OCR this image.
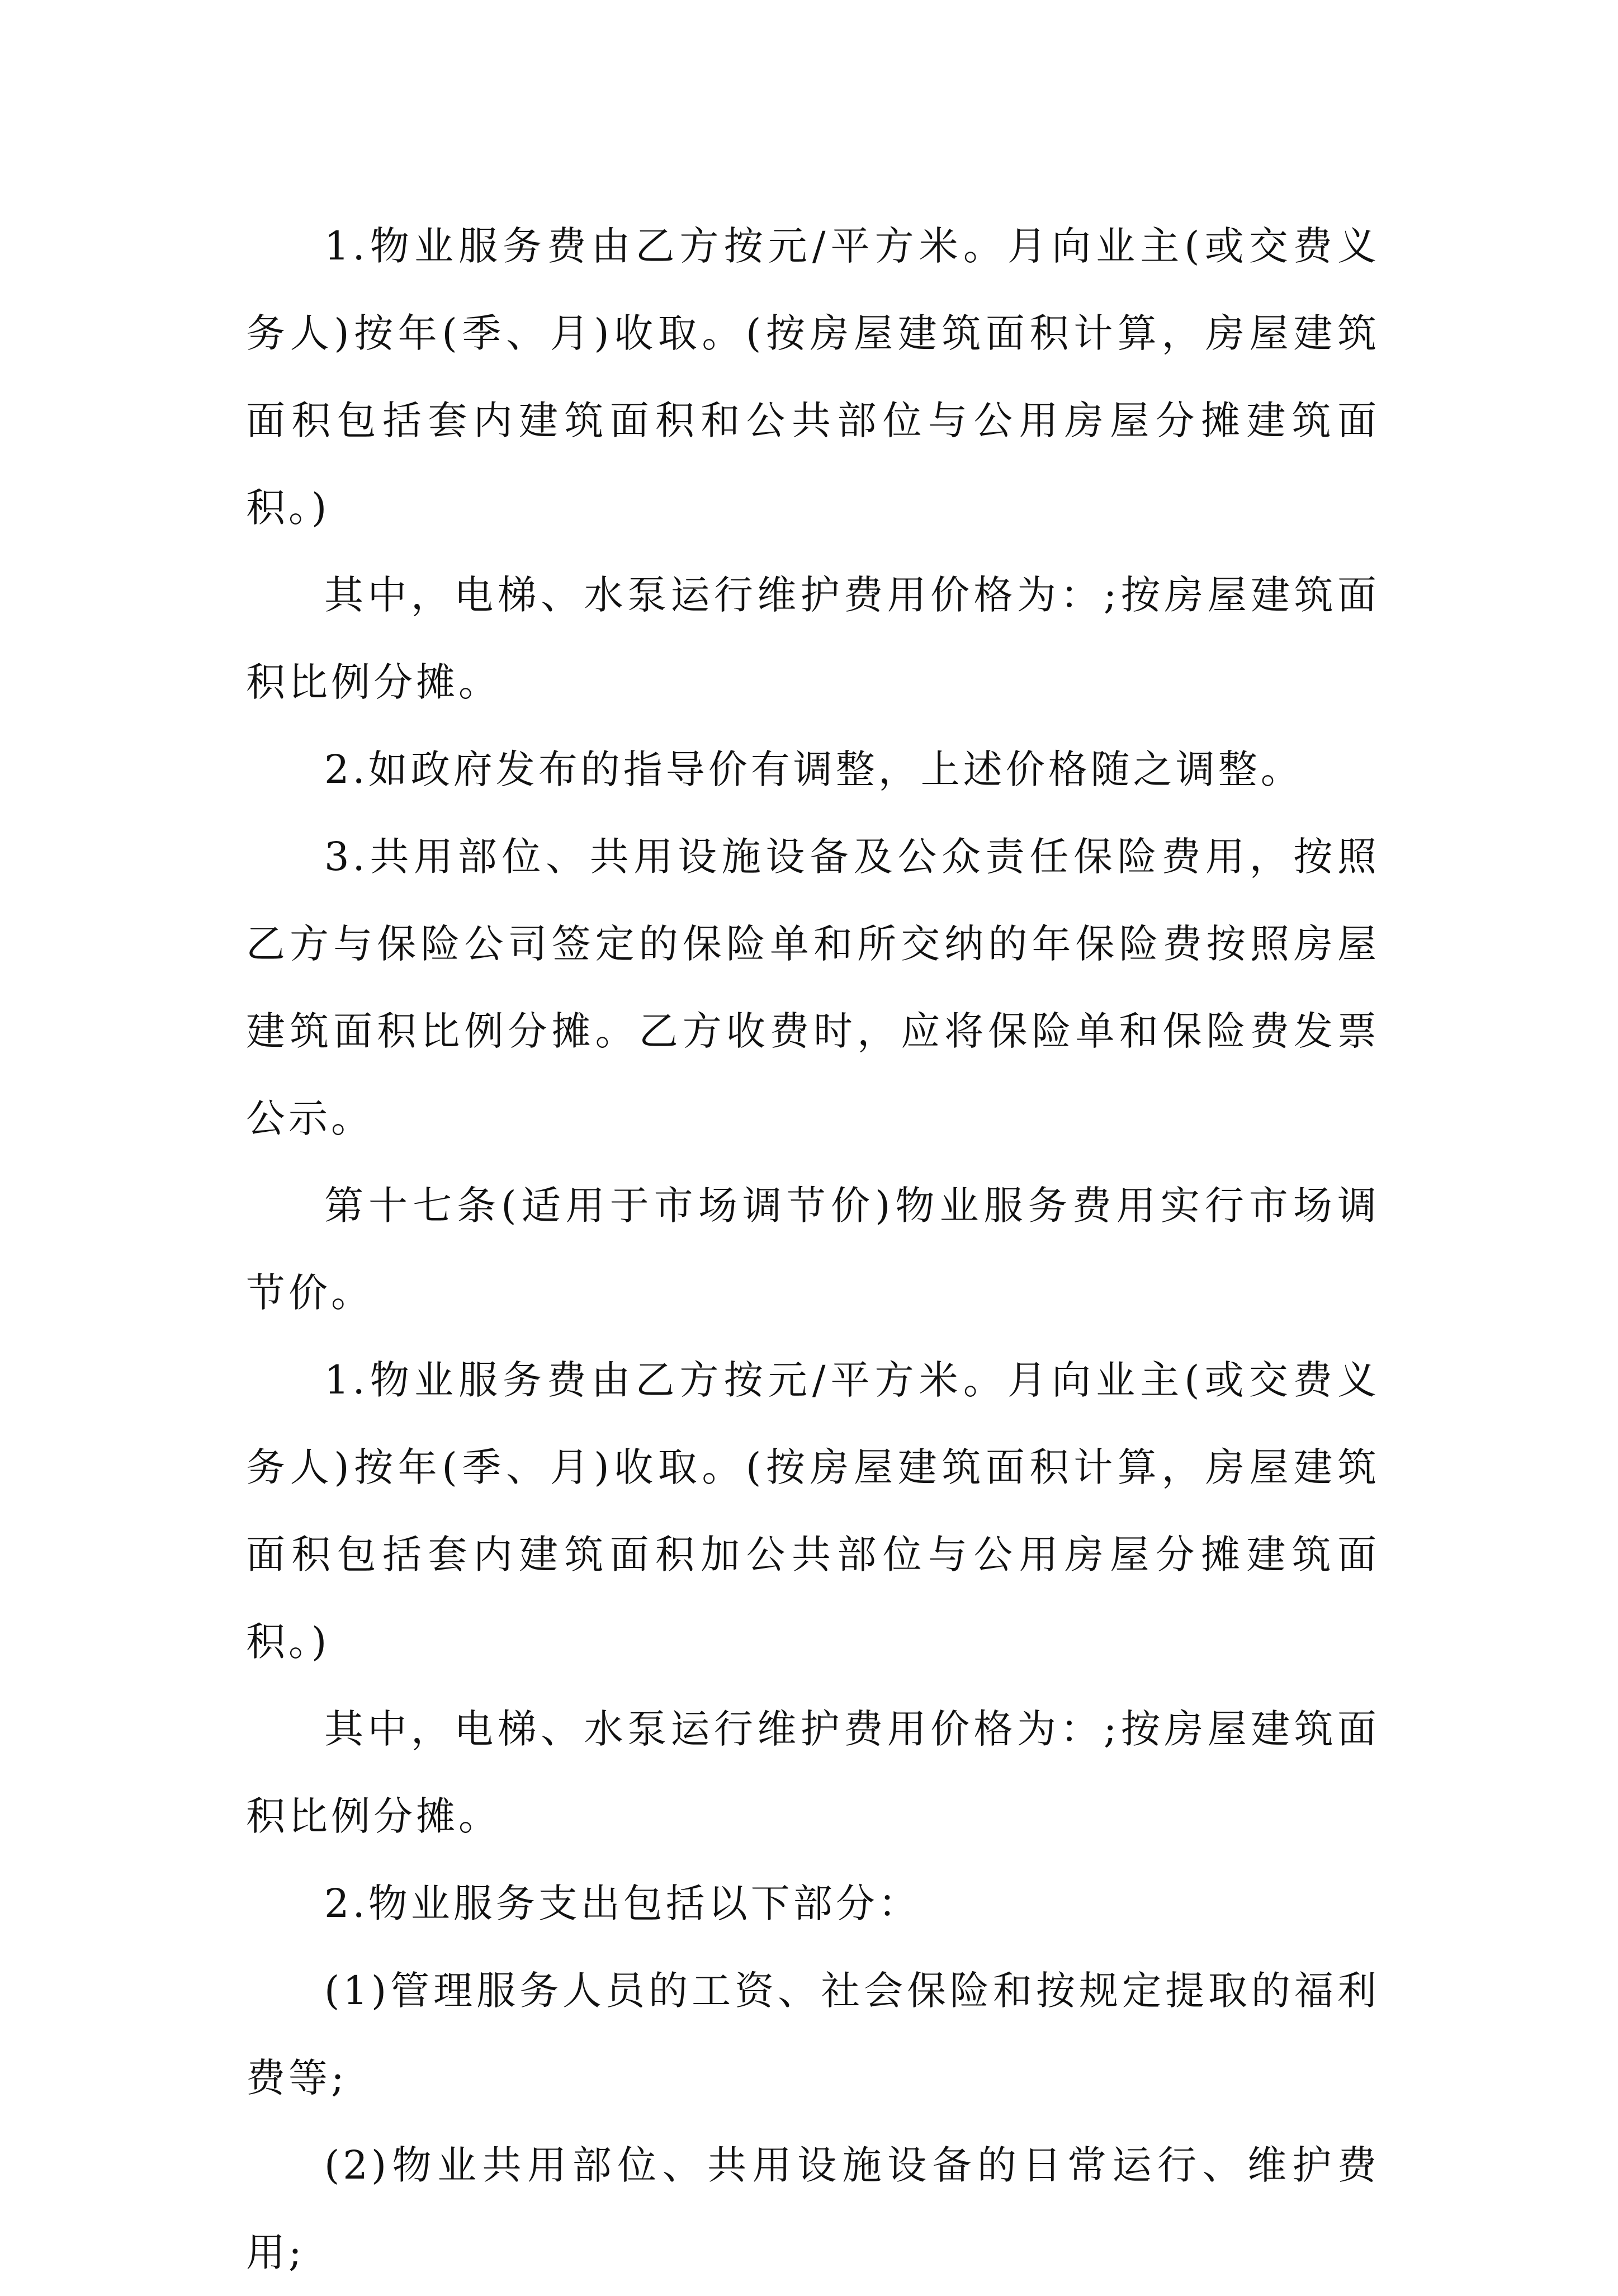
1.物业服务费由乙方按元/平方米。月向业主(或交费义务人)按年(季、月)收取。(按房屋建筑面积计算，房屋建筑面积包括套内建筑面积和公共部位与公用房屋分摊建筑面积。)

其中，电梯、水泵运行维护费用价格为：;按房屋建筑面积比例分摊。

2.如政府发布的指导价有调整，上述价格随之调整。

3.共用部位、共用设施设备及公众责任保险费用，按照乙方与保险公司签定的保险单和所交纳的年保险费按照房屋建筑面积比例分摊。乙方收费时，应将保险单和保险费发票公示。

第十七条(适用于市场调节价)物业服务费用实行市场调节价。

1.物业服务费由乙方按元/平方米。月向业主(或交费义务人)按年(季、月)收取。(按房屋建筑面积计算，房屋建筑面积包括套内建筑面积加公共部位与公用房屋分摊建筑面积。)

其中，电梯、水泵运行维护费用价格为：;按房屋建筑面积比例分摊。

2.物业服务支出包括以下部分：

(1)管理服务人员的工资、社会保险和按规定提取的福利费等;

(2)物业共用部位、共用设施设备的日常运行、维护费用;
